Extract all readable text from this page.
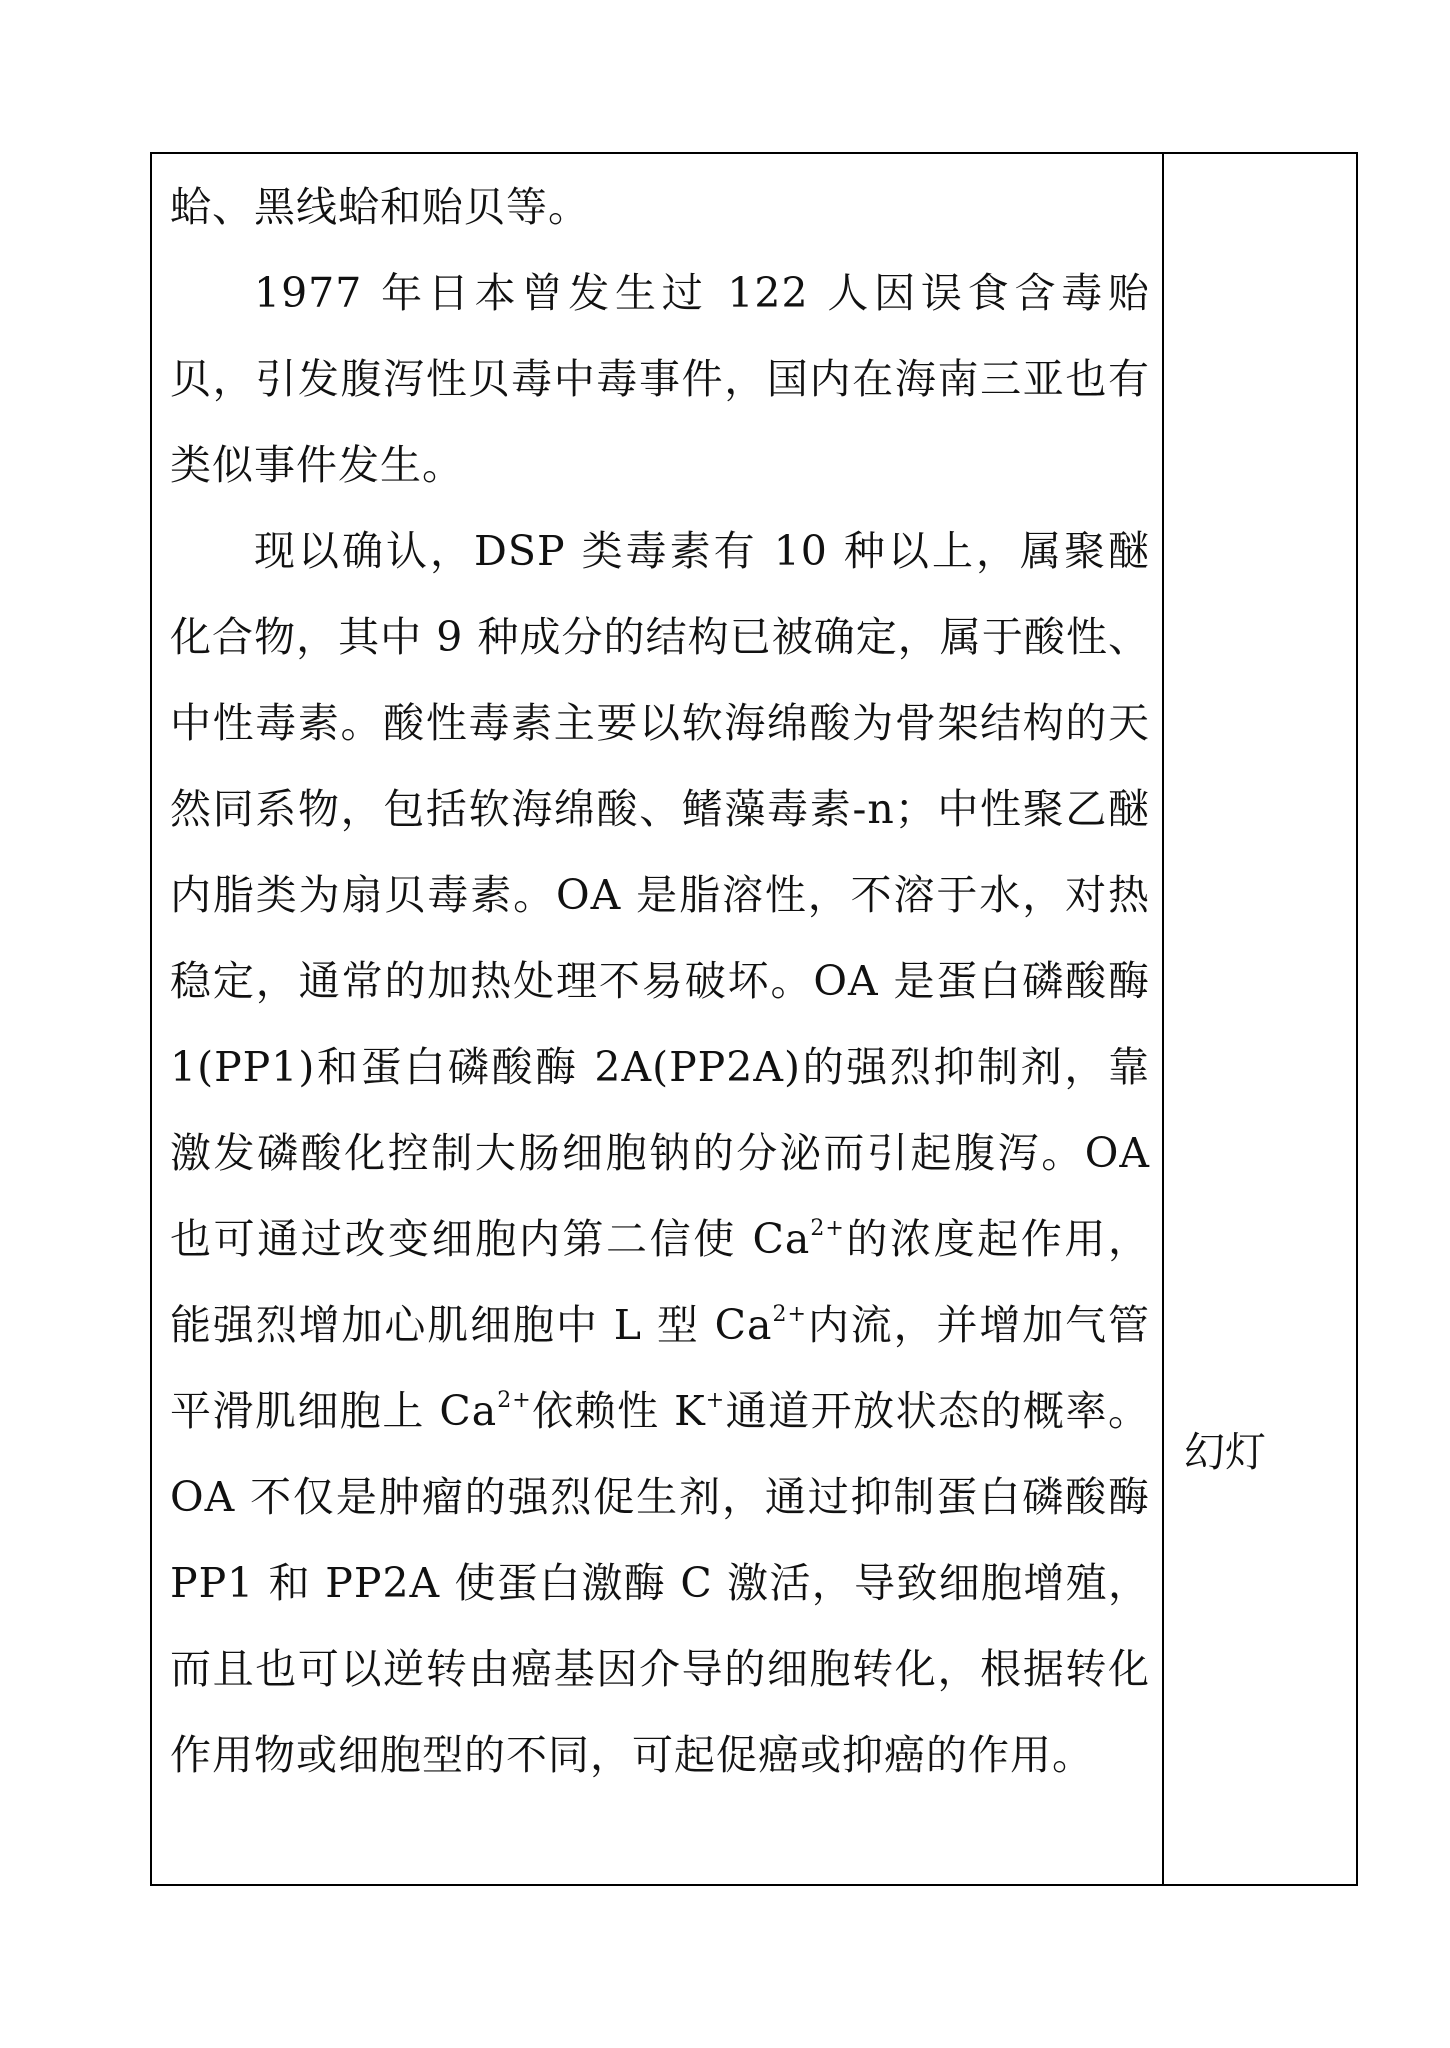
蛤、黑线蛤和贻贝等。

1977 年日本曾发生过 122 人因误食含毒贻贝，引发腹泻性贝毒中毒事件，国内在海南三亚也有类似事件发生。

现以确认，DSP 类毒素有 10 种以上，属聚醚化合物，其中 9 种成分的结构已被确定，属于酸性、中性毒素。酸性毒素主要以软海绵酸为骨架结构的天然同系物，包括软海绵酸、鳍藻毒素-n；中性聚乙醚内脂类为扇贝毒素。OA 是脂溶性，不溶于水，对热稳定，通常的加热处理不易破坏。OA 是蛋白磷酸酶 1(PP1)和蛋白磷酸酶 2A(PP2A)的强烈抑制剂，靠激发磷酸化控制大肠细胞钠的分泌而引起腹泻。OA 也可通过改变细胞内第二信使 $Ca^{2+}$的浓度起作用，能强烈增加心肌细胞中 L 型 $Ca^{2+}$内流，并增加气管平滑肌细胞上 $Ca^{2+}$依赖性 K+通道开放状态的概率。OA 不仅是肿瘤的强烈促生剂，通过抑制蛋白磷酸酶 PP1 和 PP2A 使蛋白激酶 C 激活，导致细胞增殖，而且也可以逆转由癌基因介导的细胞转化，根据转化作用物或细胞型的不同，可起促癌或抑癌的作用。

幻灯
